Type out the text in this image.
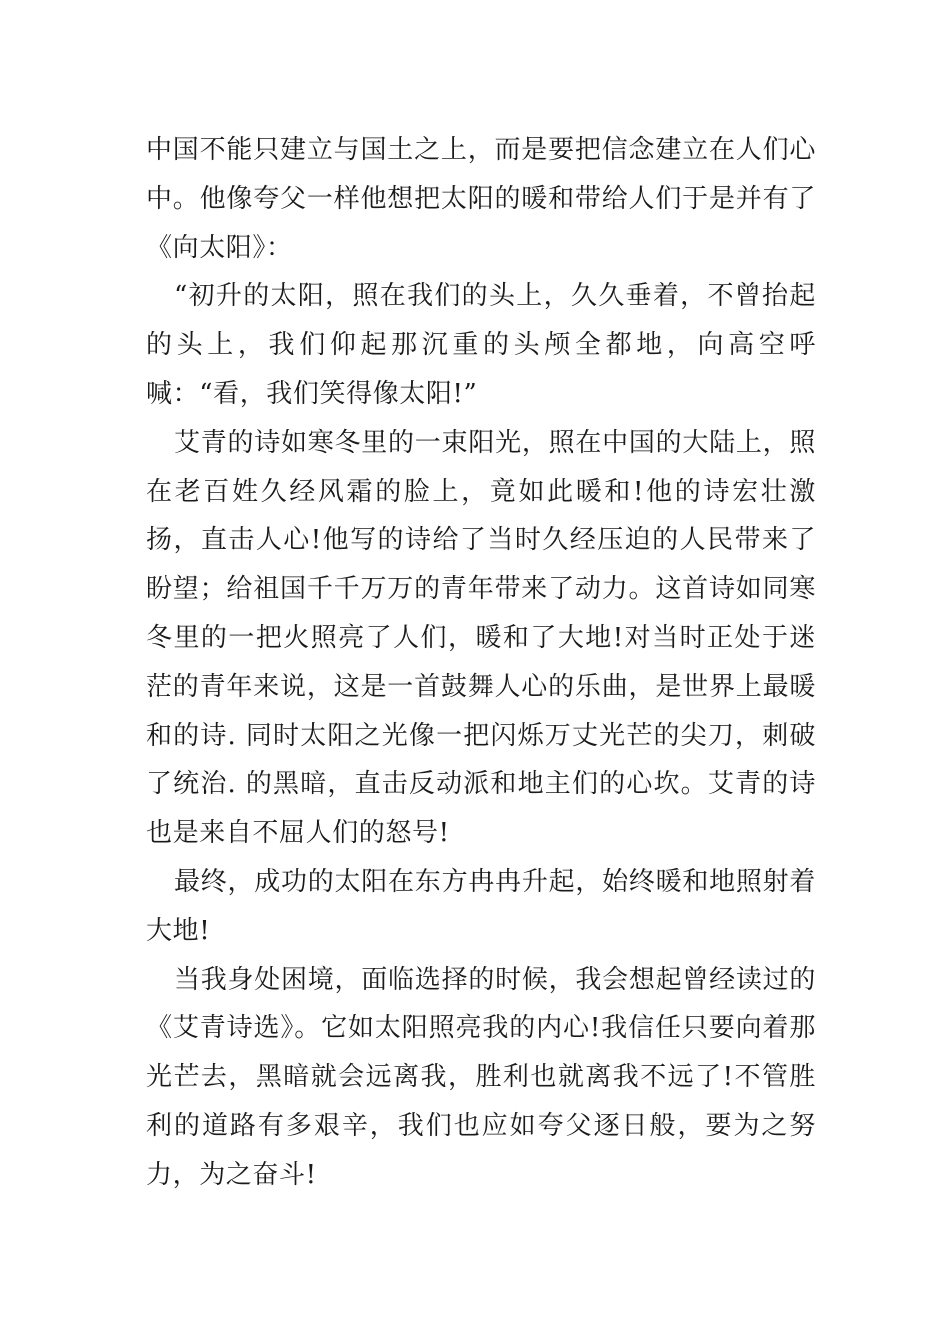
中国不能只建立与国土之上，而是要把信念建立在人们心中。他像夸父一样他想把太阳的暖和带给人们于是并有了《向太阳》：

“初升的太阳，照在我们的头上，久久垂着，不曾抬起的头上，我们仰起那沉重的头颅全都地，向高空呼喊：“看，我们笑得像太阳!”

艾青的诗如寒冬里的一束阳光，照在中国的大陆上，照在老百姓久经风霜的脸上，竟如此暖和!他的诗宏壮激扬，直击人心!他写的诗给了当时久经压迫的人民带来了盼望；给祖国千千万万的青年带来了动力。这首诗如同寒冬里的一把火照亮了人们，暖和了大地!对当时正处于迷茫的青年来说，这是一首鼓舞人心的乐曲，是世界上最暖和的诗. 同时太阳之光像一把闪烁万丈光芒的尖刀，刺破了统治. 的黑暗，直击反动派和地主们的心坎。艾青的诗也是来自不屈人们的怒号!

最终，成功的太阳在东方冉冉升起，始终暖和地照射着大地!

当我身处困境，面临选择的时候，我会想起曾经读过的《艾青诗选》。它如太阳照亮我的内心!我信任只要向着那光芒去，黑暗就会远离我，胜利也就离我不远了!不管胜利的道路有多艰辛，我们也应如夸父逐日般，要为之努力，为之奋斗!
